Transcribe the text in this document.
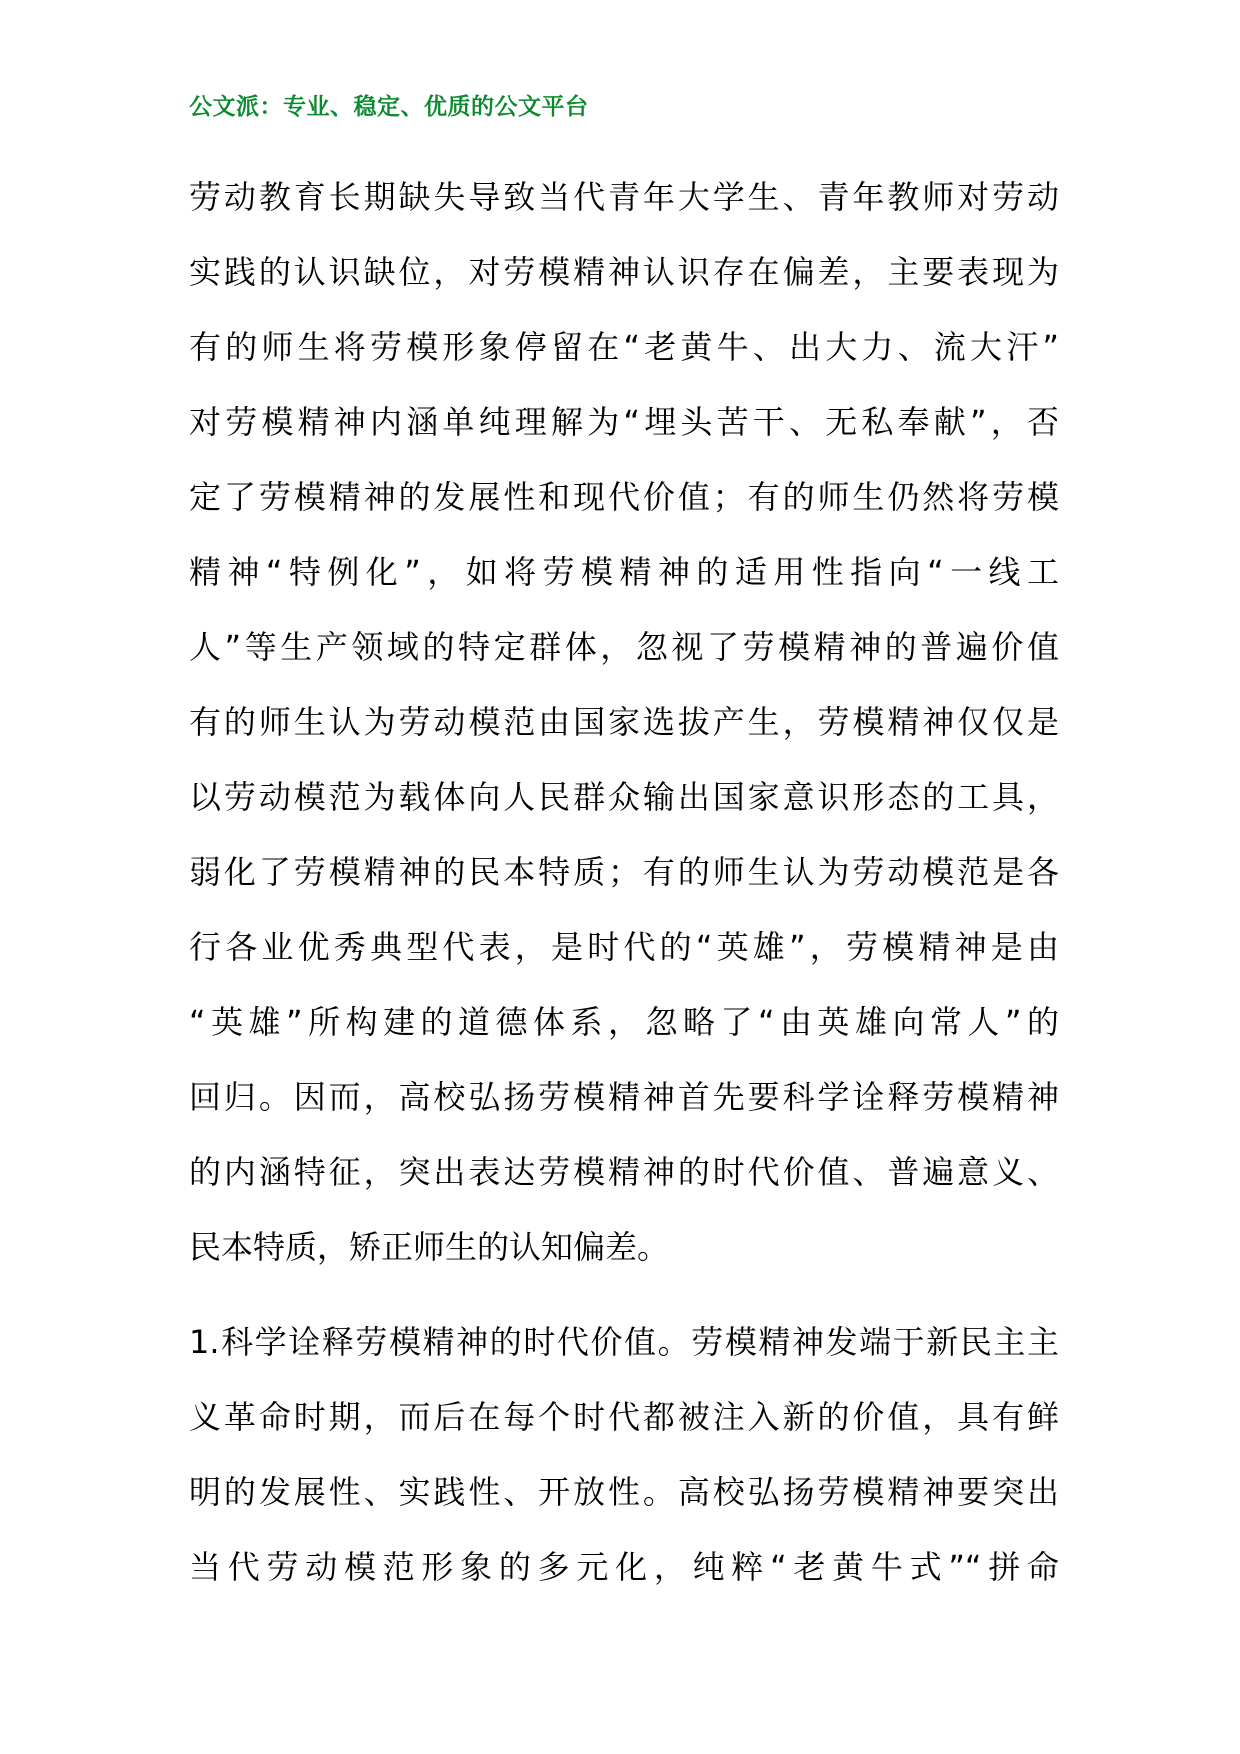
公文派：专业、稳定、优质的公文平台
劳动教育长期缺失导致当代青年大学生、青年教师对劳动
实践的认识缺位，对劳模精神认识存在偏差，主要表现为
有的师生将劳模形象停留在“老黄牛、出大力、流大汗”
对劳模精神内涵单纯理解为“埋头苦干、无私奉献”，否
定了劳模精神的发展性和现代价值；有的师生仍然将劳模
精神“特例化”，如将劳模精神的适用性指向“一线工
人”等生产领域的特定群体，忽视了劳模精神的普遍价值
有的师生认为劳动模范由国家选拔产生，劳模精神仅仅是
以劳动模范为载体向人民群众输出国家意识形态的工具，
弱化了劳模精神的民本特质；有的师生认为劳动模范是各
行各业优秀典型代表，是时代的“英雄”，劳模精神是由
“英雄”所构建的道德体系，忽略了“由英雄向常人”的
回归。因而，高校弘扬劳模精神首先要科学诠释劳模精神
的内涵特征，突出表达劳模精神的时代价值、普遍意义、
民本特质，矫正师生的认知偏差。
1.科学诠释劳模精神的时代价值。劳模精神发端于新民主主
义革命时期，而后在每个时代都被注入新的价值，具有鲜
明的发展性、实践性、开放性。高校弘扬劳模精神要突出
当代劳动模范形象的多元化，纯粹“老黄牛式”“拼命
